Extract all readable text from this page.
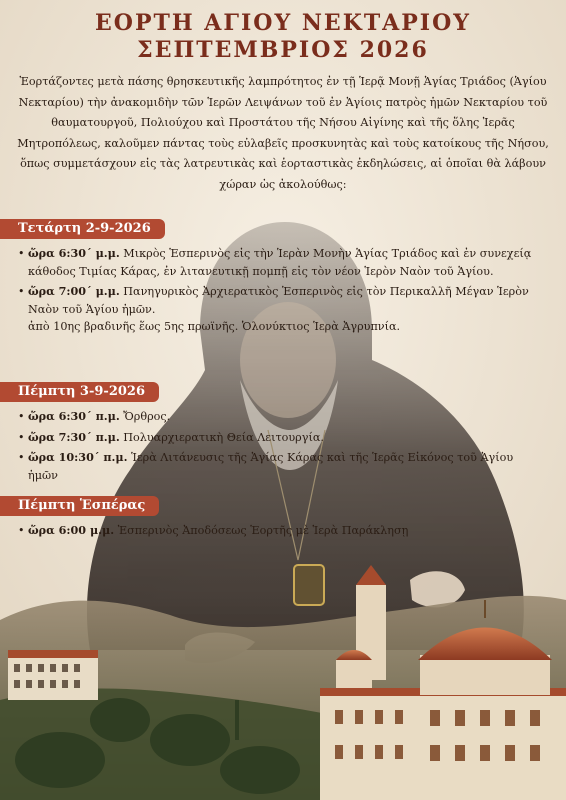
ΕΟΡΤΗ ΑΓΙΟΥ ΝΕΚΤΑΡΙΟΥ
ΣΕΠΤΕΜΒΡΙΟΣ 2026
Ἑορτάζοντες μετὰ πάσης θρησκευτικῆς λαμπρότητος ἐν τῇ Ἱερᾷ Μονῇ Ἁγίας Τριάδος (Ἁγίου Νεκταρίου) τὴν ἀνακομιδὴν τῶν Ἱερῶν Λειψάνων τοῦ ἐν Ἁγίοις πατρὸς ἡμῶν Νεκταρίου τοῦ θαυματουργοῦ, Πολιούχου καὶ Προστάτου τῆς Νήσου Αἰγίνης καὶ τῆς ὅλης Ἱερᾶς Μητροπόλεως, καλοῦμεν πάντας τοὺς εὐλαβεῖς προσκυνητὰς καὶ τοὺς κατοίκους τῆς Νήσου, ὅπως συμμετάσχουν εἰς τὰς λατρευτικὰς καὶ ἑορταστικὰς ἐκδηλώσεις, αἱ ὁποῖαι θὰ λάβουν χώραν ὡς ἀκολούθως:
Τετάρτη 2-9-2026
• ὥρα 6:30΄ μ.μ. Μικρὸς Ἑσπερινὸς εἰς τὴν Ἱερὰν Μονὴν Ἁγίας Τριάδος καὶ ἐν συνεχείᾳ κάθοδος Τιμίας Κάρας, ἐν λιτανευτικῇ πομπῇ εἰς τὸν νέον Ἱερὸν Ναὸν τοῦ Ἁγίου.
• ὥρα 7:00΄ μ.μ. Πανηγυρικὸς Ἀρχιερατικὸς Ἑσπερινὸς εἰς τὸν Περικαλλῆ Μέγαν Ἱερὸν Ναὸν τοῦ Ἁγίου ἡμῶν.
ἀπὸ 10ης βραδινῆς ἕως 5ης πρωϊνῆς. Ὁλονύκτιος Ἱερὰ Ἀγρυπνία.
Πέμπτη 3-9-2026
• ὥρα 6:30΄ π.μ. Ὄρθρος.
• ὥρα 7:30΄ π.μ. Πολυαρχιερατικὴ Θεία Λειτουργία.
• ὥρα 10:30΄ π.μ. Ἱερὰ Λιτάνευσις τῆς Ἁγίας Κάρας καὶ τῆς Ἱερᾶς Εἰκόνος τοῦ Ἁγίου ἡμῶν
Πέμπτη Ἑσπέρας
• ὥρα 6:00 μ.μ. Ἑσπερινὸς Ἀποδόσεως Ἑορτῆς μὲ Ἱερὰ Παράκλησῃ
